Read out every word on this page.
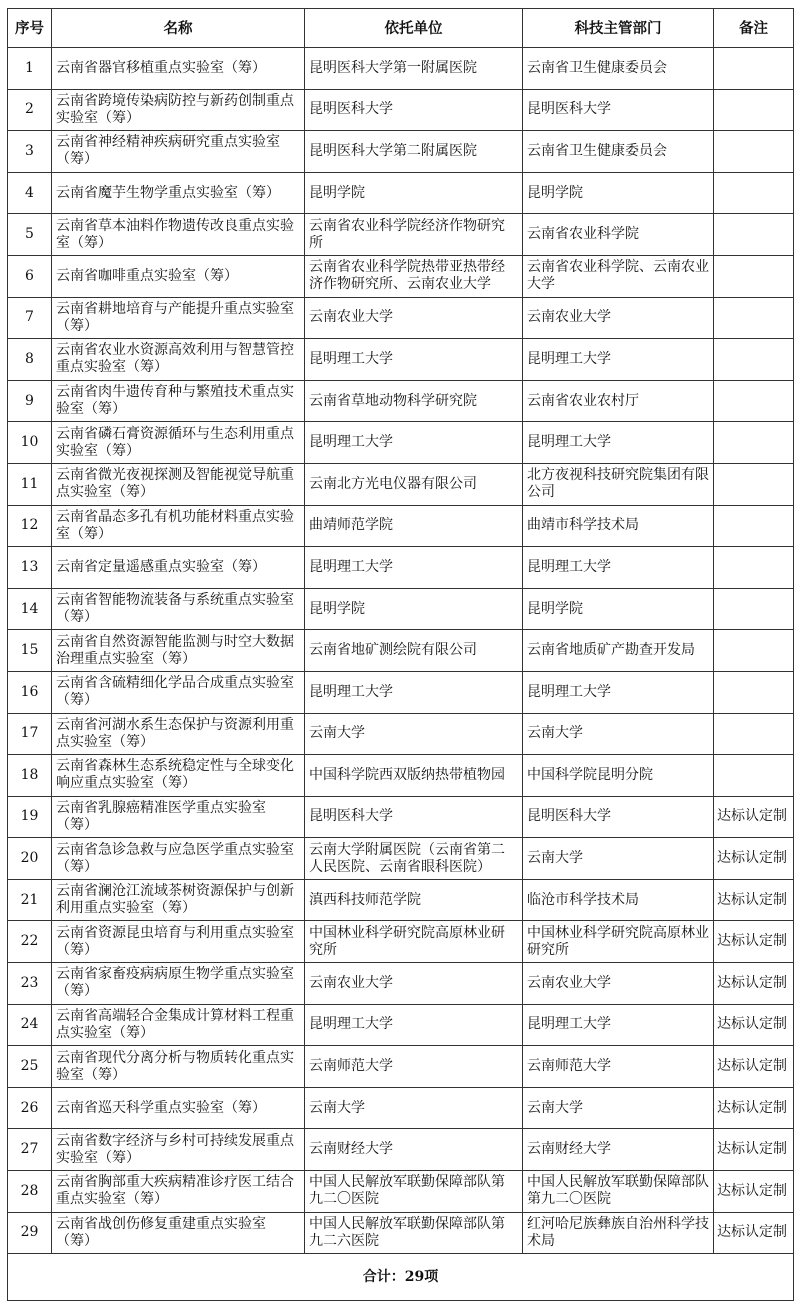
序号	名称	依托单位	科技主管部门	备注
1	云南省器官移植重点实验室（筹）	昆明医科大学第一附属医院	云南省卫生健康委员会	
2	云南省跨境传染病防控与新药创制重点实验室（筹）	昆明医科大学	昆明医科大学	
3	云南省神经精神疾病研究重点实验室（筹）	昆明医科大学第二附属医院	云南省卫生健康委员会	
4	云南省魔芋生物学重点实验室（筹）	昆明学院	昆明学院	
5	云南省草本油料作物遗传改良重点实验室（筹）	云南省农业科学院经济作物研究所	云南省农业科学院	
6	云南省咖啡重点实验室（筹）	云南省农业科学院热带亚热带经济作物研究所、云南农业大学	云南省农业科学院、云南农业大学	
7	云南省耕地培育与产能提升重点实验室（筹）	云南农业大学	云南农业大学	
8	云南省农业水资源高效利用与智慧管控重点实验室（筹）	昆明理工大学	昆明理工大学	
9	云南省肉牛遗传育种与繁殖技术重点实验室（筹）	云南省草地动物科学研究院	云南省农业农村厅	
10	云南省磷石膏资源循环与生态利用重点实验室（筹）	昆明理工大学	昆明理工大学	
11	云南省微光夜视探测及智能视觉导航重点实验室（筹）	云南北方光电仪器有限公司	北方夜视科技研究院集团有限公司	
12	云南省晶态多孔有机功能材料重点实验室（筹）	曲靖师范学院	曲靖市科学技术局	
13	云南省定量遥感重点实验室（筹）	昆明理工大学	昆明理工大学	
14	云南省智能物流装备与系统重点实验室（筹）	昆明学院	昆明学院	
15	云南省自然资源智能监测与时空大数据治理重点实验室（筹）	云南省地矿测绘院有限公司	云南省地质矿产勘查开发局	
16	云南省含硫精细化学品合成重点实验室（筹）	昆明理工大学	昆明理工大学	
17	云南省河湖水系生态保护与资源利用重点实验室（筹）	云南大学	云南大学	
18	云南省森林生态系统稳定性与全球变化响应重点实验室（筹）	中国科学院西双版纳热带植物园	中国科学院昆明分院	
19	云南省乳腺癌精准医学重点实验室（筹）	昆明医科大学	昆明医科大学	达标认定制
20	云南省急诊急救与应急医学重点实验室（筹）	云南大学附属医院（云南省第二人民医院、云南省眼科医院）	云南大学	达标认定制
21	云南省澜沧江流域茶树资源保护与创新利用重点实验室（筹）	滇西科技师范学院	临沧市科学技术局	达标认定制
22	云南省资源昆虫培育与利用重点实验室（筹）	中国林业科学研究院高原林业研究所	中国林业科学研究院高原林业研究所	达标认定制
23	云南省家畜疫病病原生物学重点实验室（筹）	云南农业大学	云南农业大学	达标认定制
24	云南省高端轻合金集成计算材料工程重点实验室（筹）	昆明理工大学	昆明理工大学	达标认定制
25	云南省现代分离分析与物质转化重点实验室（筹）	云南师范大学	云南师范大学	达标认定制
26	云南省巡天科学重点实验室（筹）	云南大学	云南大学	达标认定制
27	云南省数字经济与乡村可持续发展重点实验室（筹）	云南财经大学	云南财经大学	达标认定制
28	云南省胸部重大疾病精准诊疗医工结合重点实验室（筹）	中国人民解放军联勤保障部队第九二〇医院	中国人民解放军联勤保障部队第九二〇医院	达标认定制
29	云南省战创伤修复重建重点实验室（筹）	中国人民解放军联勤保障部队第九二六医院	红河哈尼族彝族自治州科学技术局	达标认定制
合计：29项				
